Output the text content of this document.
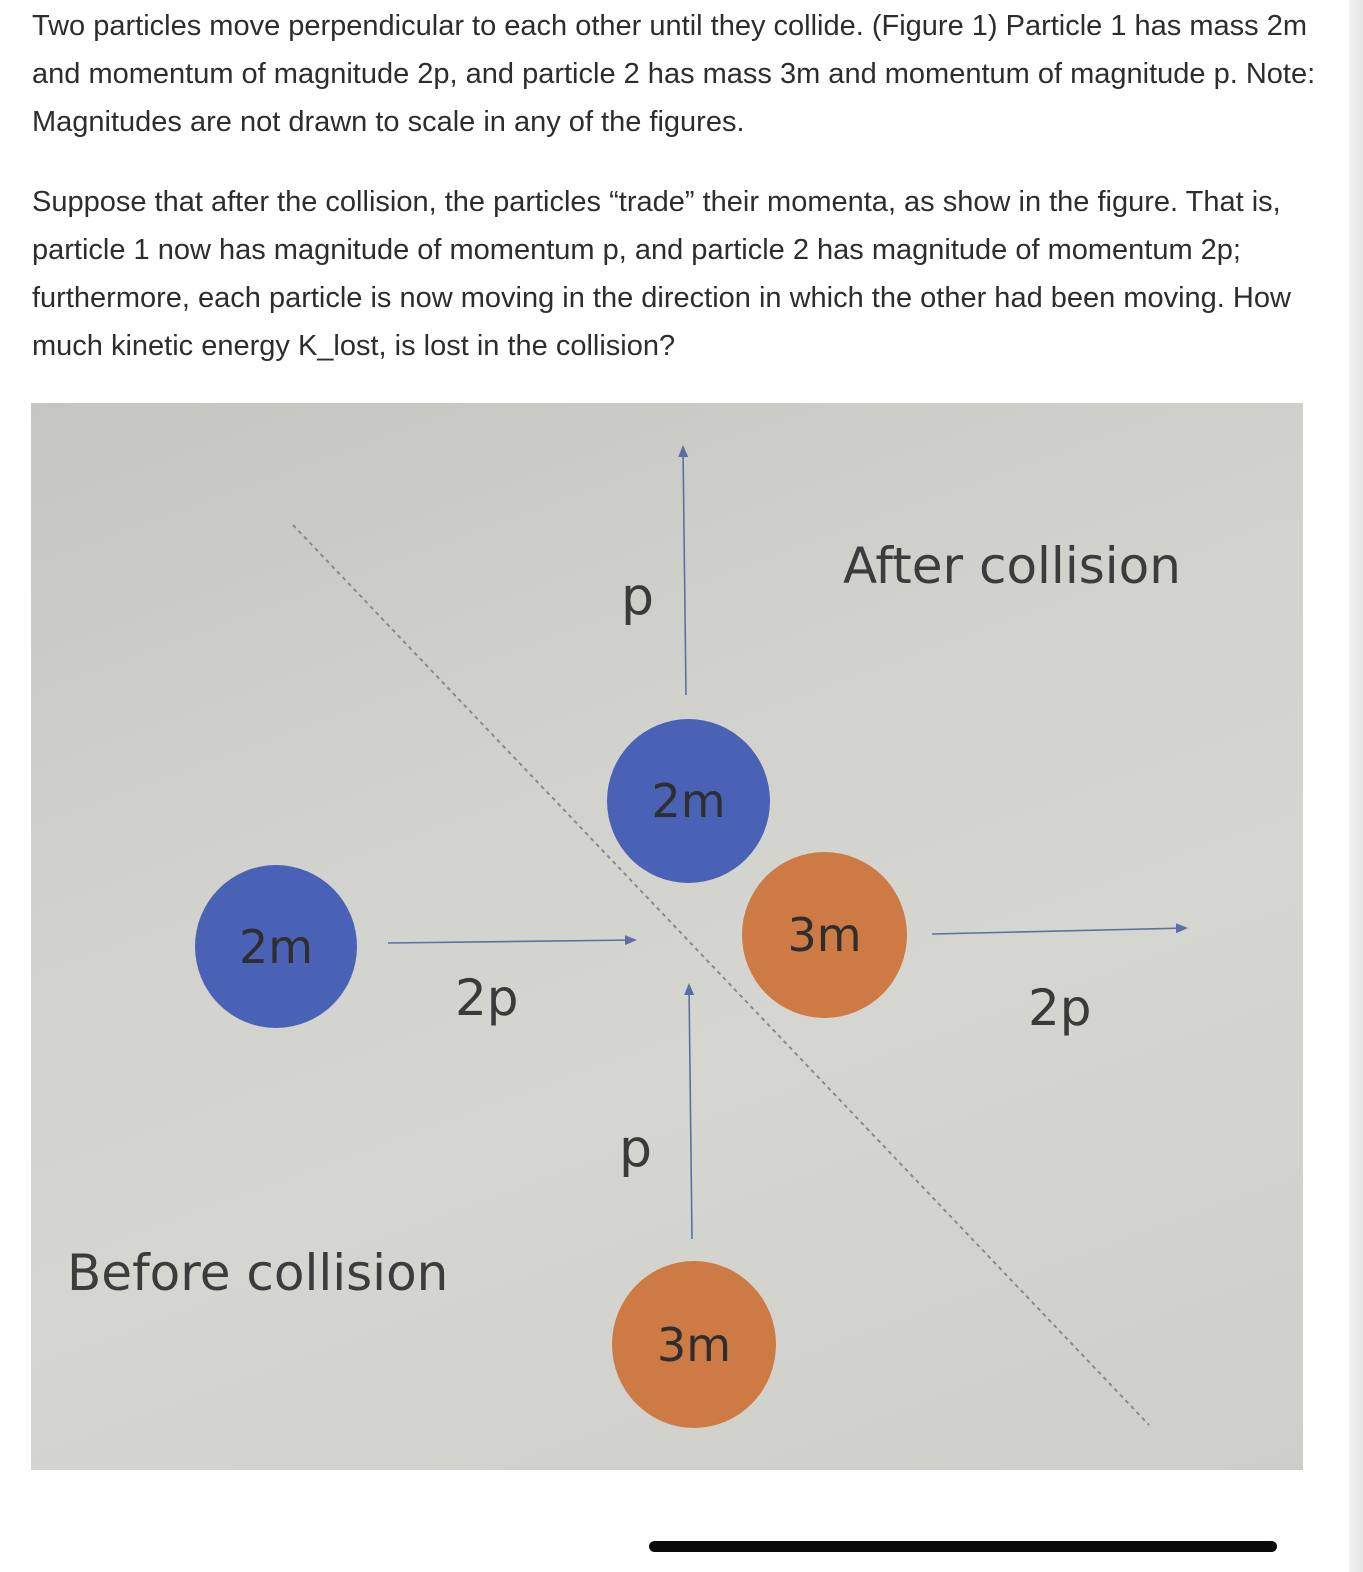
Two particles move perpendicular to each other until they collide. (Figure 1) Particle 1 has mass 2m and momentum of magnitude 2p, and particle 2 has mass 3m and momentum of magnitude p. Note: Magnitudes are not drawn to scale in any of the figures.

Suppose that after the collision, the particles “trade” their momenta, as show in the figure. That is, particle 1 now has magnitude of momentum p, and particle 2 has magnitude of momentum 2p; furthermore, each particle is now moving in the direction in which the other had been moving. How much kinetic energy K_lost, is lost in the collision?

After collision
Before collision
p
2p
p
2p
2m
2m
3m
3m
